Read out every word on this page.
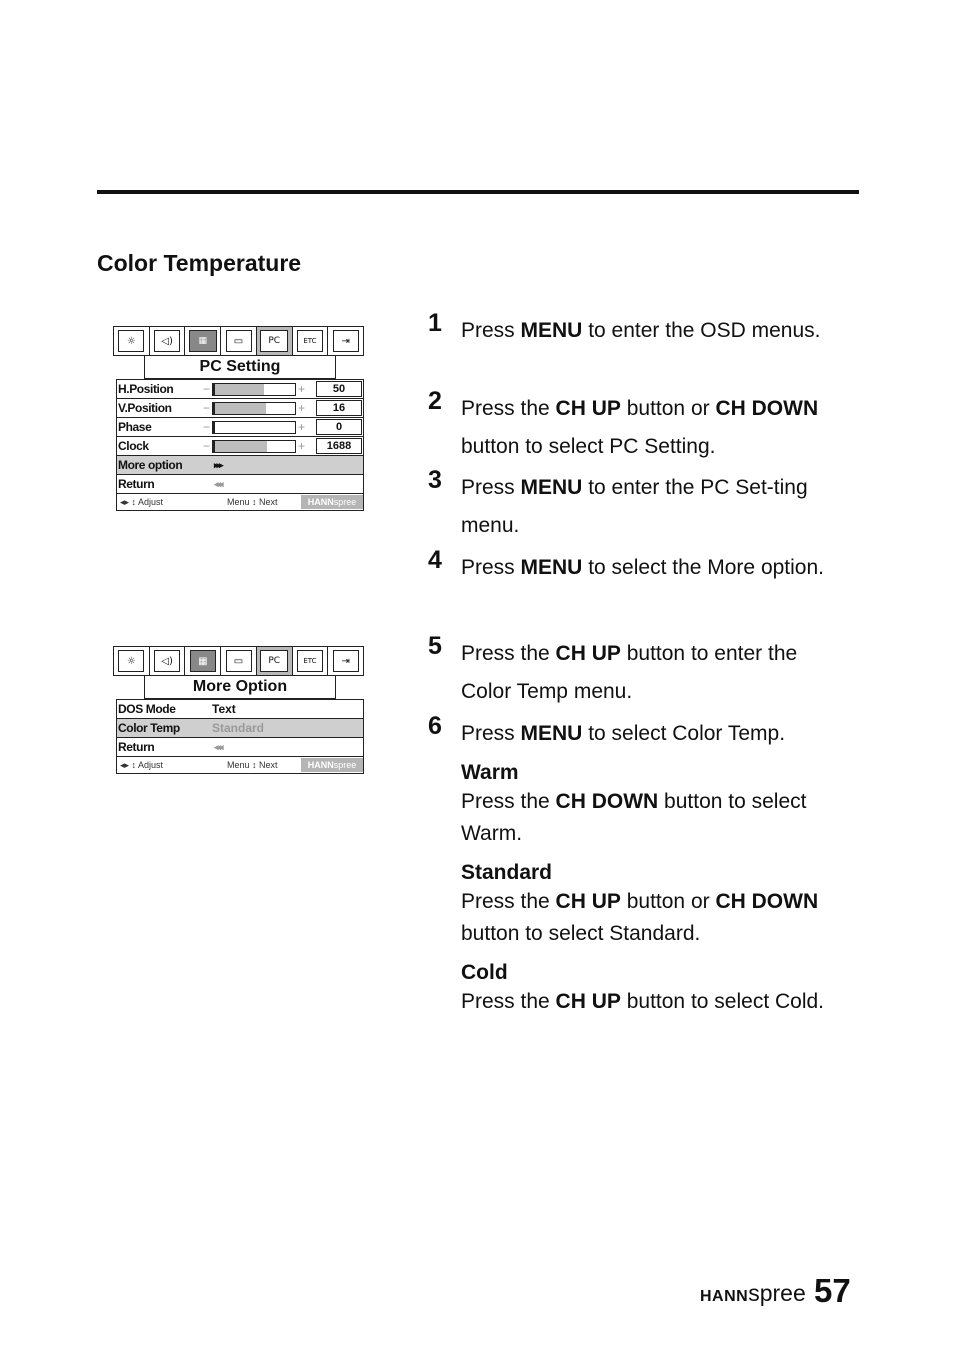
Color Temperature
☼	◁)	▦	▭	PC	ETC	⇥
PC Setting
H.Position −	+	50
V.Position	−	+	16
Phase	−	+	0
Clock	−	+	1688
More option	▸▸▸
Return	◂◂◂
◂▸ ↕ Adjust	Menu ↕ Next	HANNspree
☼	◁)	▦	▭	PC	ETC	⇥
More Option
DOS Mode	Text
Color Temp	Standard
Return	◂◂◂
◂▸ ↕ Adjust	Menu ↕ Next	HANNspree
1 Press MENU to enter the OSD menus.
2 Press the CH UP button or CH DOWN button to select PC Setting.
3 Press MENU to enter the PC Set-ting menu.
4 Press MENU to select the More option.
5 Press the CH UP button to enter the Color Temp menu.
6 Press MENU to select Color Temp.
Warm
Press the CH DOWN button to select Warm.
Standard
Press the CH UP button or CH DOWN button to select Standard.
Cold
Press the CH UP button to select Cold.
HANNspree 57
